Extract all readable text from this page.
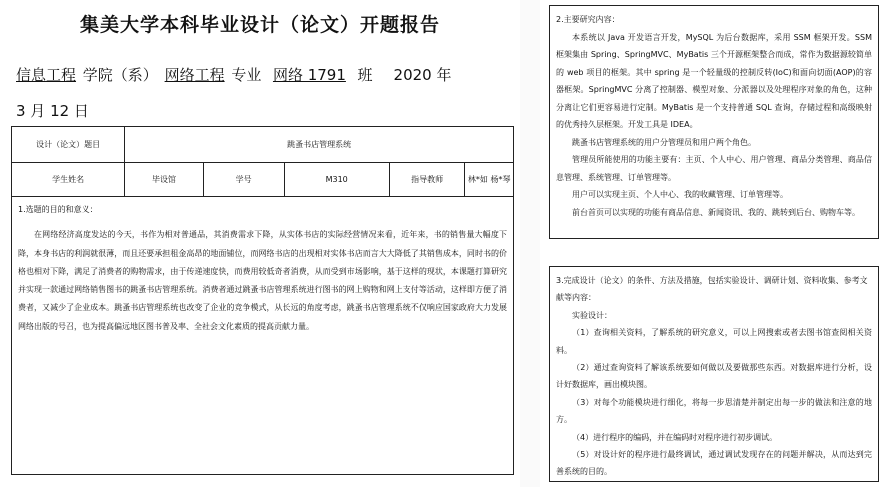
集美大学本科毕业设计（论文）开题报告
信息工程 学院（系） 网络工程 专业 网络 1791 班 2020 年
3 月 12 日
设计（论文）题目	跳蚤书店管理系统				
学生姓名	毕设馆	学号	M310	指导教师	林*如 杨*琴
1.选题的目的和意义：
在网络经济高度发达的今天，书作为相对普通品，其消费需求下降，从实体书店的实际经营情况来看，近年来，书的销售量大幅度下降，本身书店的利润就很薄，而且还要承担租金高昂的地面铺位，而网络书店的出现相对实体书店而言大大降低了其销售成本，同时书的价格也相对下降，满足了消费者的购物需求，由于传递速度快，而费用较低奇者消费，从而受到市场影响，基于这样的现状，本课题打算研究并实现一款通过网络销售图书的跳蚤书店管理系统。消费者通过跳蚤书店管理系统进行图书的网上购物和网上支付等活动，这样即方便了消费者，又减少了企业成本。跳蚤书店管理系统也改变了企业的竞争模式，从长远的角度考虑，跳蚤书店管理系统不仅响应国家政府大力发展网络出版的号召，也为提高偏远地区图书普及率、全社会文化素质的提高贡献力量。
2.主要研究内容：
本系统以 Java 开发语言开发，MySQL 为后台数据库，采用 SSM 框架开发。SSM 框架集由 Spring、SpringMVC、MyBatis 三个开源框架整合而成，常作为数据源较简单的 web 项目的框架。其中 spring 是一个轻量级的控制反转(IoC)和面向切面(AOP)的容器框架。SpringMVC 分离了控制器、模型对象、分派器以及处理程序对象的角色，这种分离让它们更容易进行定制。MyBatis 是一个支持普通 SQL 查询，存储过程和高级映射的优秀持久层框架。开发工具是 IDEA。
跳蚤书店管理系统的用户分管理员和用户两个角色。
管理员所能使用的功能主要有：主页、个人中心、用户管理、商品分类管理、商品信息管理、系统管理、订单管理等。
用户可以实现主页、个人中心、我的收藏管理、订单管理等。
前台首页可以实现的功能有商品信息、新闻资讯、我的、跳转到后台、购物车等。
3.完成设计（论文）的条件、方法及措施，包括实验设计、调研计划、资料收集、参考文献等内容：
实验设计：
（1）查询相关资料，了解系统的研究意义，可以上网搜索或者去图书馆查阅相关资料。
（2）通过查询资料了解该系统要如何做以及要做那些东西。对数据库进行分析，设计好数据库，画出模块图。
（3）对每个功能模块进行细化，将每一步思清楚并制定出每一步的做法和注意的地方。
（4）进行程序的编码，并在编码时对程序进行初步调试。
（5）对设计好的程序进行最终调试，通过调试发现存在的问题并解决，从而达到完善系统的目的。
